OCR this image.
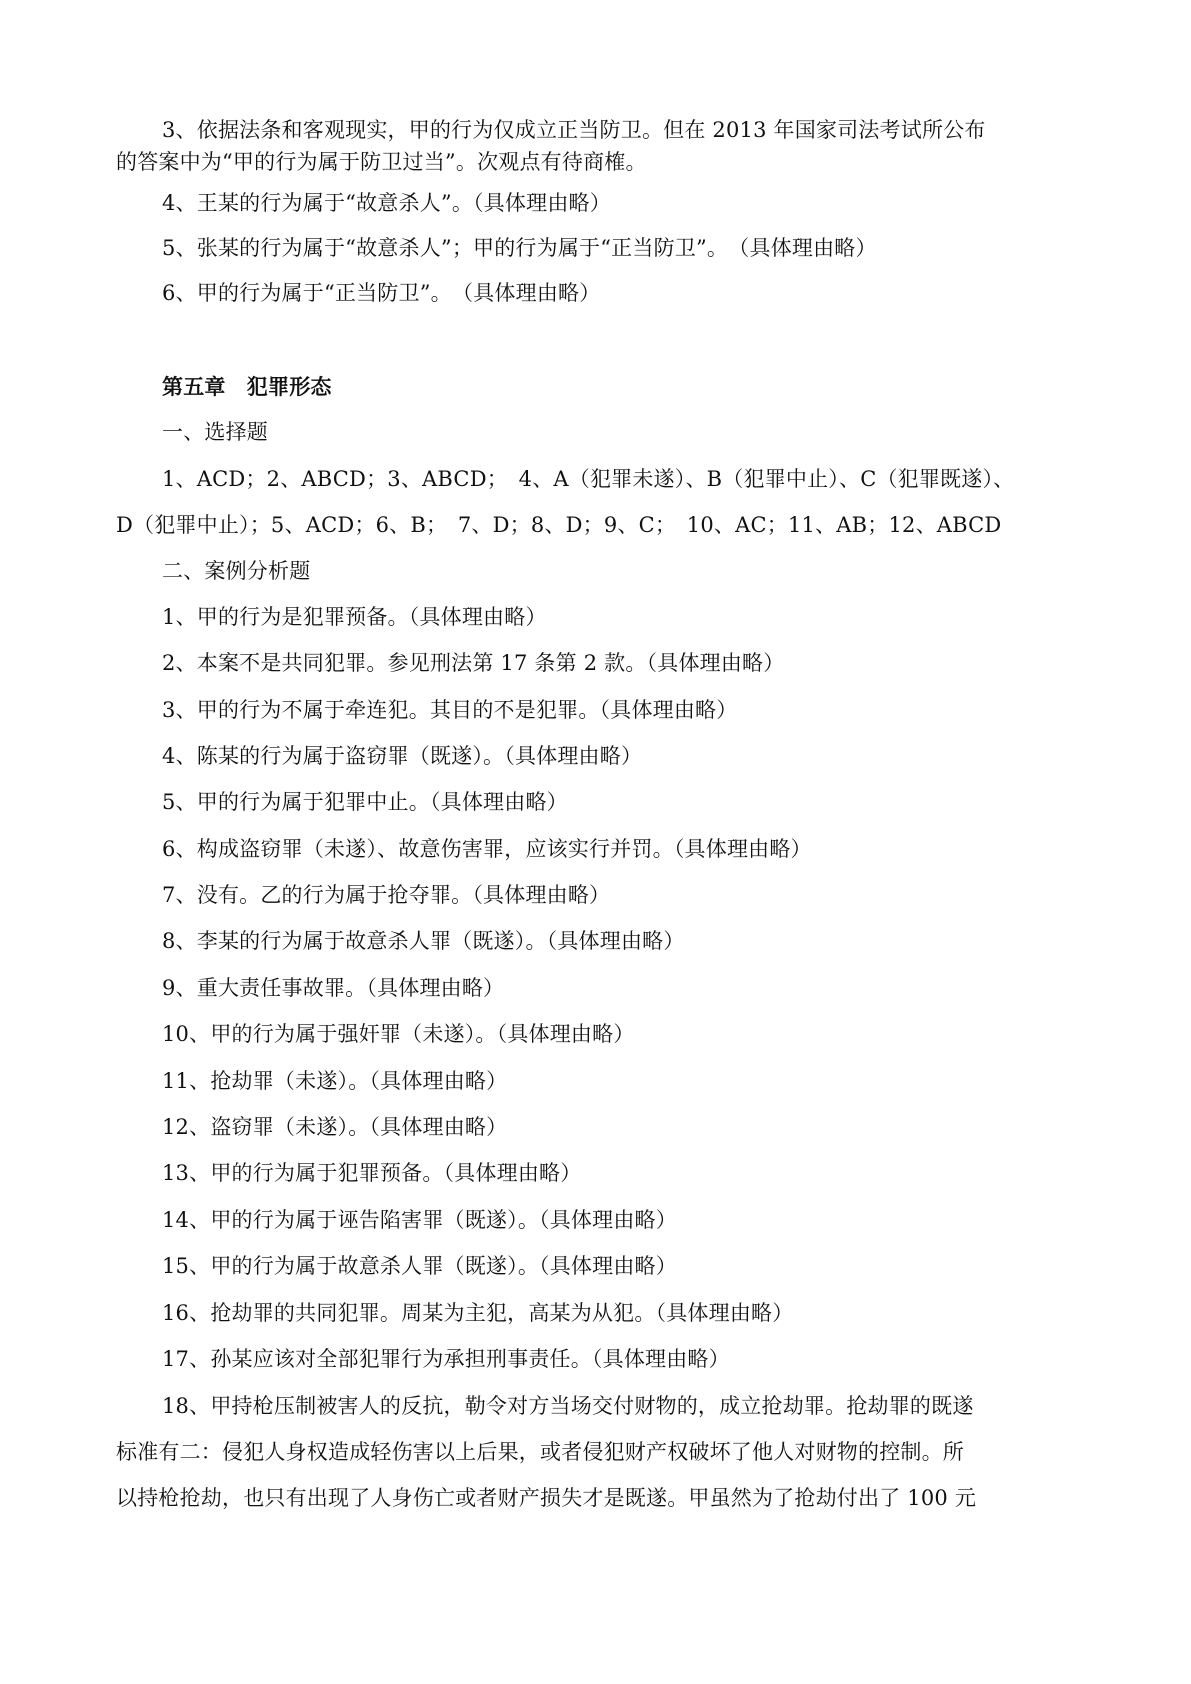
3、依据法条和客观现实，甲的行为仅成立正当防卫。但在 2013 年国家司法考试所公布
的答案中为“甲的行为属于防卫过当”。次观点有待商榷。
4、王某的行为属于“故意杀人”。（具体理由略）
5、张某的行为属于“故意杀人”；甲的行为属于“正当防卫”。　（具体理由略）
6、甲的行为属于“正当防卫”。　（具体理由略）
第五章　犯罪形态
一、选择题
1、ACD；2、ABCD；3、ABCD；　4、A（犯罪未遂）、B（犯罪中止）、C（犯罪既遂）、
D（犯罪中止）；5、ACD；6、B；　7、D；8、D；9、C；　10、AC；11、AB；12、ABCD
二、案例分析题
1、甲的行为是犯罪预备。（具体理由略）
2、本案不是共同犯罪。参见刑法第 17 条第 2 款。（具体理由略）
3、甲的行为不属于牵连犯。其目的不是犯罪。（具体理由略）
4、陈某的行为属于盗窃罪（既遂）。（具体理由略）
5、甲的行为属于犯罪中止。（具体理由略）
6、构成盗窃罪（未遂）、故意伤害罪，应该实行并罚。（具体理由略）
7、没有。乙的行为属于抢夺罪。（具体理由略）
8、李某的行为属于故意杀人罪（既遂）。（具体理由略）
9、重大责任事故罪。（具体理由略）
10、甲的行为属于强奸罪（未遂）。（具体理由略）
11、抢劫罪（未遂）。（具体理由略）
12、盗窃罪（未遂）。（具体理由略）
13、甲的行为属于犯罪预备。（具体理由略）
14、甲的行为属于诬告陷害罪（既遂）。（具体理由略）
15、甲的行为属于故意杀人罪（既遂）。（具体理由略）
16、抢劫罪的共同犯罪。周某为主犯，高某为从犯。（具体理由略）
17、孙某应该对全部犯罪行为承担刑事责任。（具体理由略）
18、甲持枪压制被害人的反抗，勒令对方当场交付财物的，成立抢劫罪。抢劫罪的既遂
标准有二：侵犯人身权造成轻伤害以上后果，或者侵犯财产权破坏了他人对财物的控制。所
以持枪抢劫，也只有出现了人身伤亡或者财产损失才是既遂。甲虽然为了抢劫付出了 100 元
